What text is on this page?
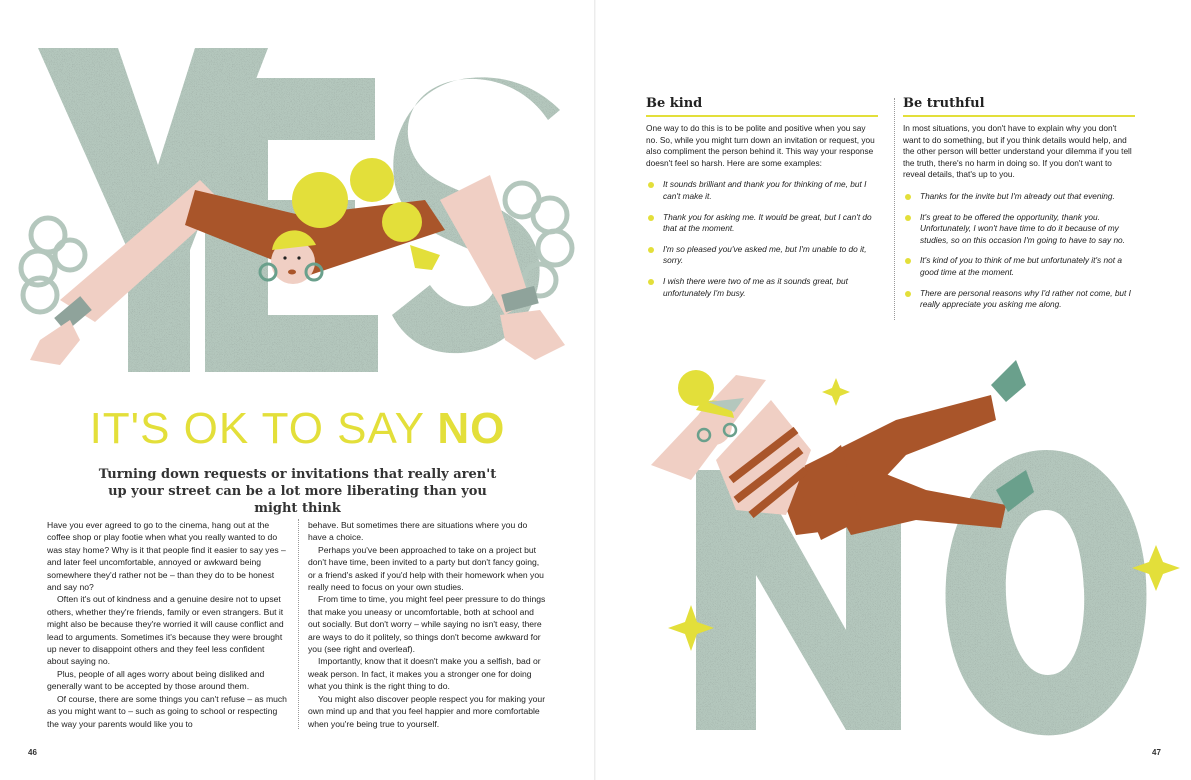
IT'S OK TO SAY NO
Turning down requests or invitations that really aren't up your street can be a lot more liberating than you might think

Have you ever agreed to go to the cinema, hang out at the coffee shop or play footie when what you really wanted to do was stay home? Why is it that people find it easier to say yes – and later feel uncomfortable, annoyed or awkward being somewhere they'd rather not be – than they do to be honest and say no?

Often it's out of kindness and a genuine desire not to upset others, whether they're friends, family or even strangers. But it might also be because they're worried it will cause conflict and lead to arguments. Sometimes it's because they were brought up never to disappoint others and they feel less confident about saying no.

Plus, people of all ages worry about being disliked and generally want to be accepted by those around them.

Of course, there are some things you can't refuse – as much as you might want to – such as going to school or respecting the way your parents would like you to

behave. But sometimes there are situations where you do have a choice.

Perhaps you've been approached to take on a project but don't have time, been invited to a party but don't fancy going, or a friend's asked if you'd help with their homework when you really need to focus on your own studies.

From time to time, you might feel peer pressure to do things that make you uneasy or uncomfortable, both at school and out socially. But don't worry – while saying no isn't easy, there are ways to do it politely, so things don't become awkward for you (see right and overleaf).

Importantly, know that it doesn't make you a selfish, bad or weak person. In fact, it makes you a stronger one for doing what you think is the right thing to do.

You might also discover people respect you for making your own mind up and that you feel happier and more comfortable when you're being true to yourself.

46
Be kind

One way to do this is to be polite and positive when you say no. So, while you might turn down an invitation or request, you also compliment the person behind it. This way your response doesn't feel so harsh. Here are some examples:

It sounds brilliant and thank you for thinking of me, but I can't make it.
Thank you for asking me. It would be great, but I can't do that at the moment.
I'm so pleased you've asked me, but I'm unable to do it, sorry.
I wish there were two of me as it sounds great, but unfortunately I'm busy.
Be truthful

In most situations, you don't have to explain why you don't want to do something, but if you think details would help, and the other person will better understand your dilemma if you tell the truth, there's no harm in doing so. If you don't want to reveal details, that's up to you.

Thanks for the invite but I'm already out that evening.
It's great to be offered the opportunity, thank you. Unfortunately, I won't have time to do it because of my studies, so on this occasion I'm going to have to say no.
It's kind of you to think of me but unfortunately it's not a good time at the moment.
There are personal reasons why I'd rather not come, but I really appreciate you asking me along.
47
